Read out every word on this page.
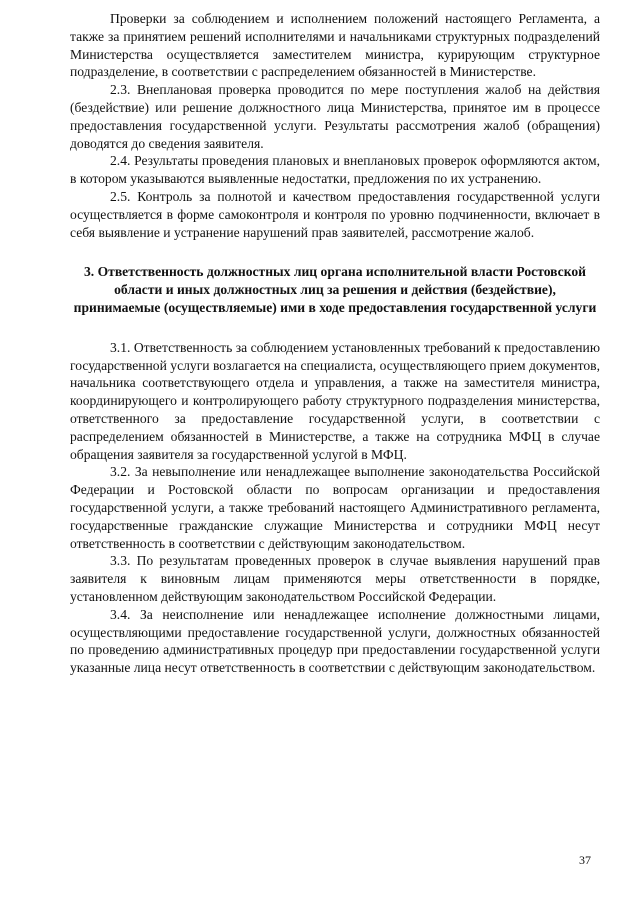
Проверки за соблюдением и исполнением положений настоящего Регламента, а также за принятием решений исполнителями и начальниками структурных подразделений Министерства осуществляется заместителем министра, курирующим структурное подразделение, в соответствии с распределением обязанностей в Министерстве.

2.3. Внеплановая проверка проводится по мере поступления жалоб на действия (бездействие) или решение должностного лица Министерства, принятое им в процессе предоставления государственной услуги. Результаты рассмотрения жалоб (обращения) доводятся до сведения заявителя.

2.4. Результаты проведения плановых и внеплановых проверок оформляются актом, в котором указываются выявленные недостатки, предложения по их устранению.

2.5. Контроль за полнотой и качеством предоставления государственной услуги осуществляется в форме самоконтроля и контроля по уровню подчиненности, включает в себя выявление и устранение нарушений прав заявителей, рассмотрение жалоб.

3. Ответственность должностных лиц органа исполнительной власти Ростовской области и иных должностных лиц за решения и действия (бездействие), принимаемые (осуществляемые) ими в ходе предоставления государственной услуги

3.1. Ответственность за соблюдением установленных требований к предоставлению государственной услуги возлагается на специалиста, осуществляющего прием документов, начальника соответствующего отдела и управления, а также на заместителя министра, координирующего и контролирующего работу структурного подразделения министерства, ответственного за предоставление государственной услуги, в соответствии с распределением обязанностей в Министерстве, а также на сотрудника МФЦ в случае обращения заявителя за государственной услугой в МФЦ.

3.2. За невыполнение или ненадлежащее выполнение законодательства Российской Федерации и Ростовской области по вопросам организации и предоставления государственной услуги, а также требований настоящего Административного регламента, государственные гражданские служащие Министерства и сотрудники МФЦ несут ответственность в соответствии с действующим законодательством.

3.3. По результатам проведенных проверок в случае выявления нарушений прав заявителя к виновным лицам применяются меры ответственности в порядке, установленном действующим законодательством Российской Федерации.

3.4. За неисполнение или ненадлежащее исполнение должностными лицами, осуществляющими предоставление государственной услуги, должностных обязанностей по проведению административных процедур при предоставлении государственной услуги указанные лица несут ответственность в соответствии с действующим законодательством.

37
